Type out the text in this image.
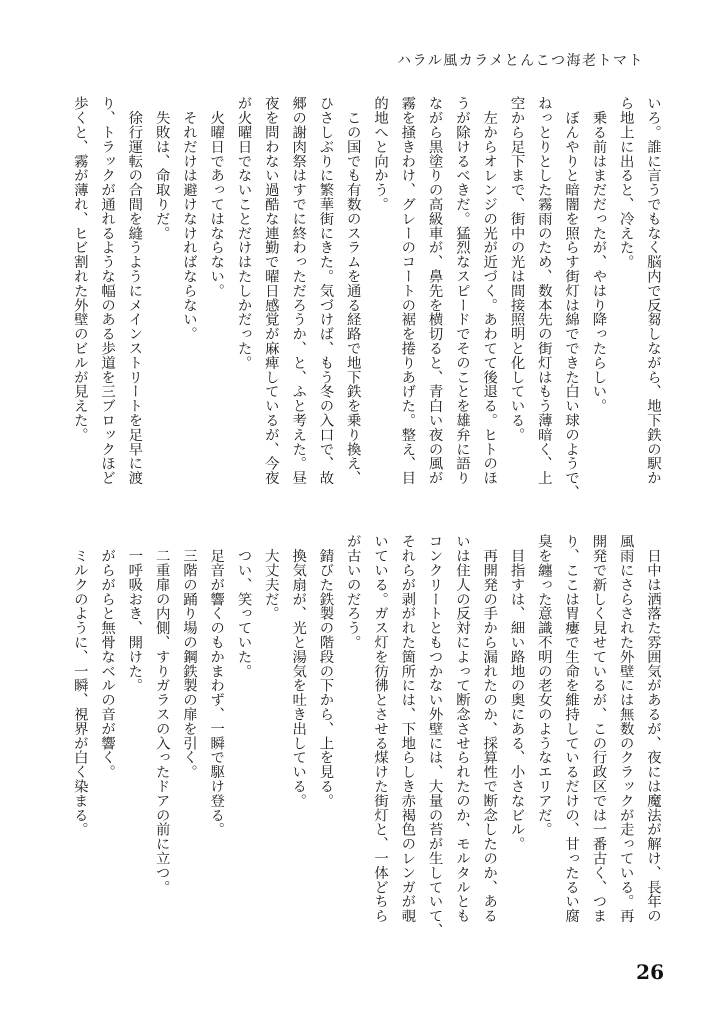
ハラル風カラメとんこつ海老トマト
いろ。誰に言うでもなく脳内で反芻しながら、地下鉄の駅か
ら地上に出ると、冷えた。
　乗る前はまだだったが、やはり降ったらしい。
　ぼんやりと暗闇を照らす街灯は綿でできた白い球のようで、
ねっとりとした霧雨のため、数本先の街灯はもう薄暗く、上
空から足下まで、街中の光は間接照明と化している。
　左からオレンジの光が近づく。あわてて後退る。ヒトのほ
うが除けるべきだ。猛烈なスピードでそのことを雄弁に語り
ながら黒塗りの高級車が、鼻先を横切ると、青白い夜の風が
霧を掻きわけ、グレーのコートの裾を捲りあげた。整え、目
的地へと向かう。
　この国でも有数のスラムを通る経路で地下鉄を乗り換え、
ひさしぶりに繁華街にきた。気づけば、もう冬の入口で、故
郷の謝肉祭はすでに終わっただろうか、と、ふと考えた。昼
夜を問わない過酷な連勤で曜日感覚が麻痺しているが、今夜
が火曜日でないことだけはたしかだった。
　火曜日であってはならない。
　それだけは避けなければならない。
　失敗は、命取りだ。
　徐行運転の合間を縫うようにメインストリートを足早に渡
り、トラックが通れるような幅のある歩道を三ブロックほど
歩くと、霧が薄れ、ヒビ割れた外壁のビルが見えた。
　日中は洒落た雰囲気があるが、夜には魔法が解け、長年の
風雨にさらされた外壁には無数のクラックが走っている。再
開発で新しく見せているが、この行政区では一番古く、つま
り、ここは胃瘻で生命を維持しているだけの、甘ったるい腐
臭を纏った意識不明の老女のようなエリアだ。
　目指すは、細い路地の奥にある、小さなビル。
　再開発の手から漏れたのか、採算性で断念したのか、ある
いは住人の反対によって断念させられたのか、モルタルとも
コンクリートともつかない外壁には、大量の苔が生していて、
それらが剥がれた箇所には、下地らしき赤褐色のレンガが覗
いている。ガス灯を彷彿とさせる煤けた街灯と、一体どちら
が古いのだろう。
　錆びた鉄製の階段の下から、上を見る。
　換気扇が、光と湯気を吐き出している。
　大丈夫だ。
　つい、笑っていた。
　足音が響くのもかまわず、一瞬で駆け登る。
　三階の踊り場の鋼鉄製の扉を引く。
　二重扉の内側、すりガラスの入ったドアの前に立つ。
　一呼吸おき、開けた。
　がらがらと無骨なベルの音が響く。
　ミルクのように、一瞬、視界が白く染まる。
26
